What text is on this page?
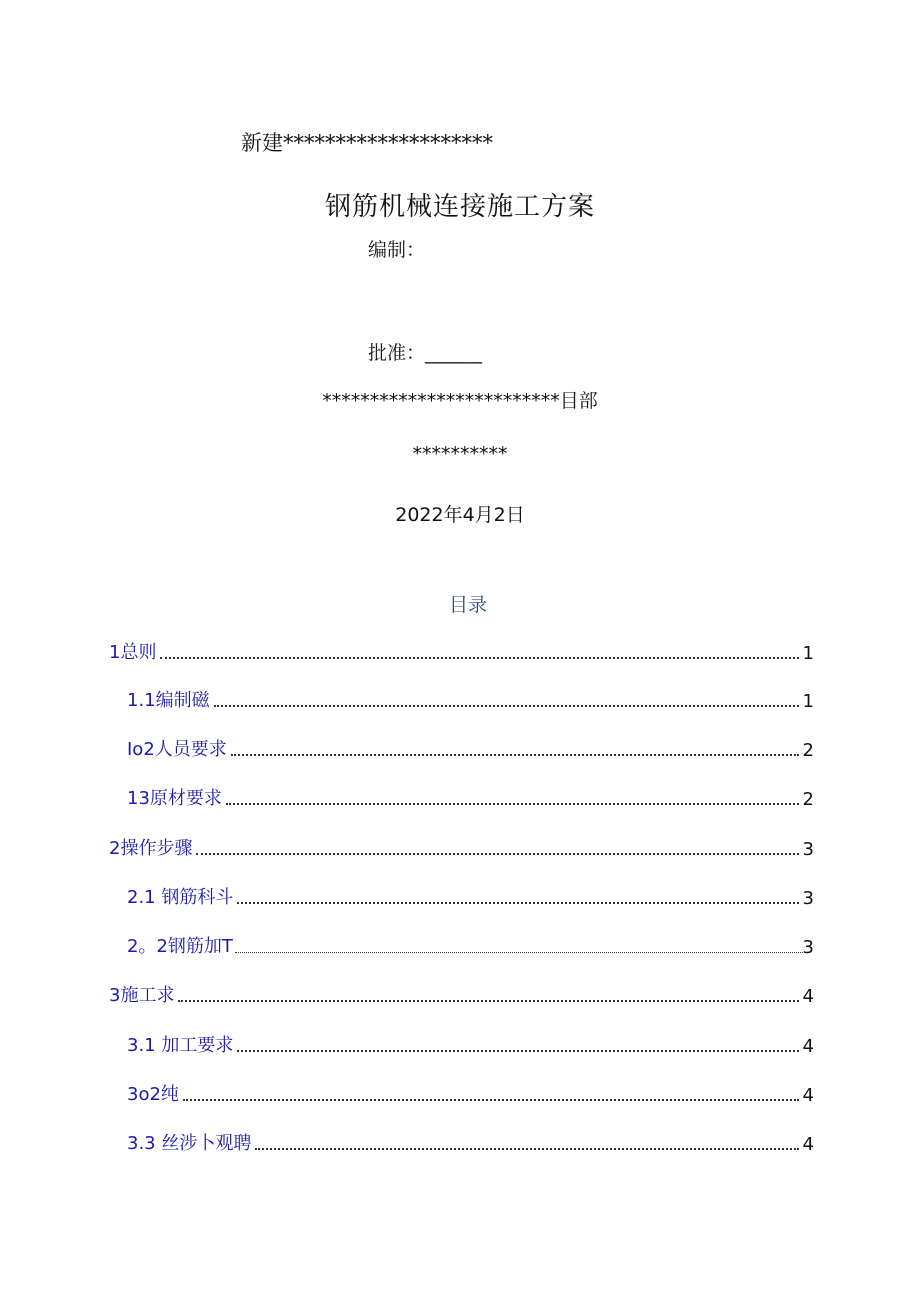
新建********************
钢筋机械连接施工方案
编制：
批准：______
*************************目部
**********
2022年4月2日
目录
1总则	1
1.1编制磁	1
Io2人员要求	2
13原材要求	2
2操作步骤	3
2.1 钢筋科斗	3
2。2钢筋加T	3
3施工求	4
3.1 加工要求	4
3o2纯	4
3.3 丝涉卜观聘	4
